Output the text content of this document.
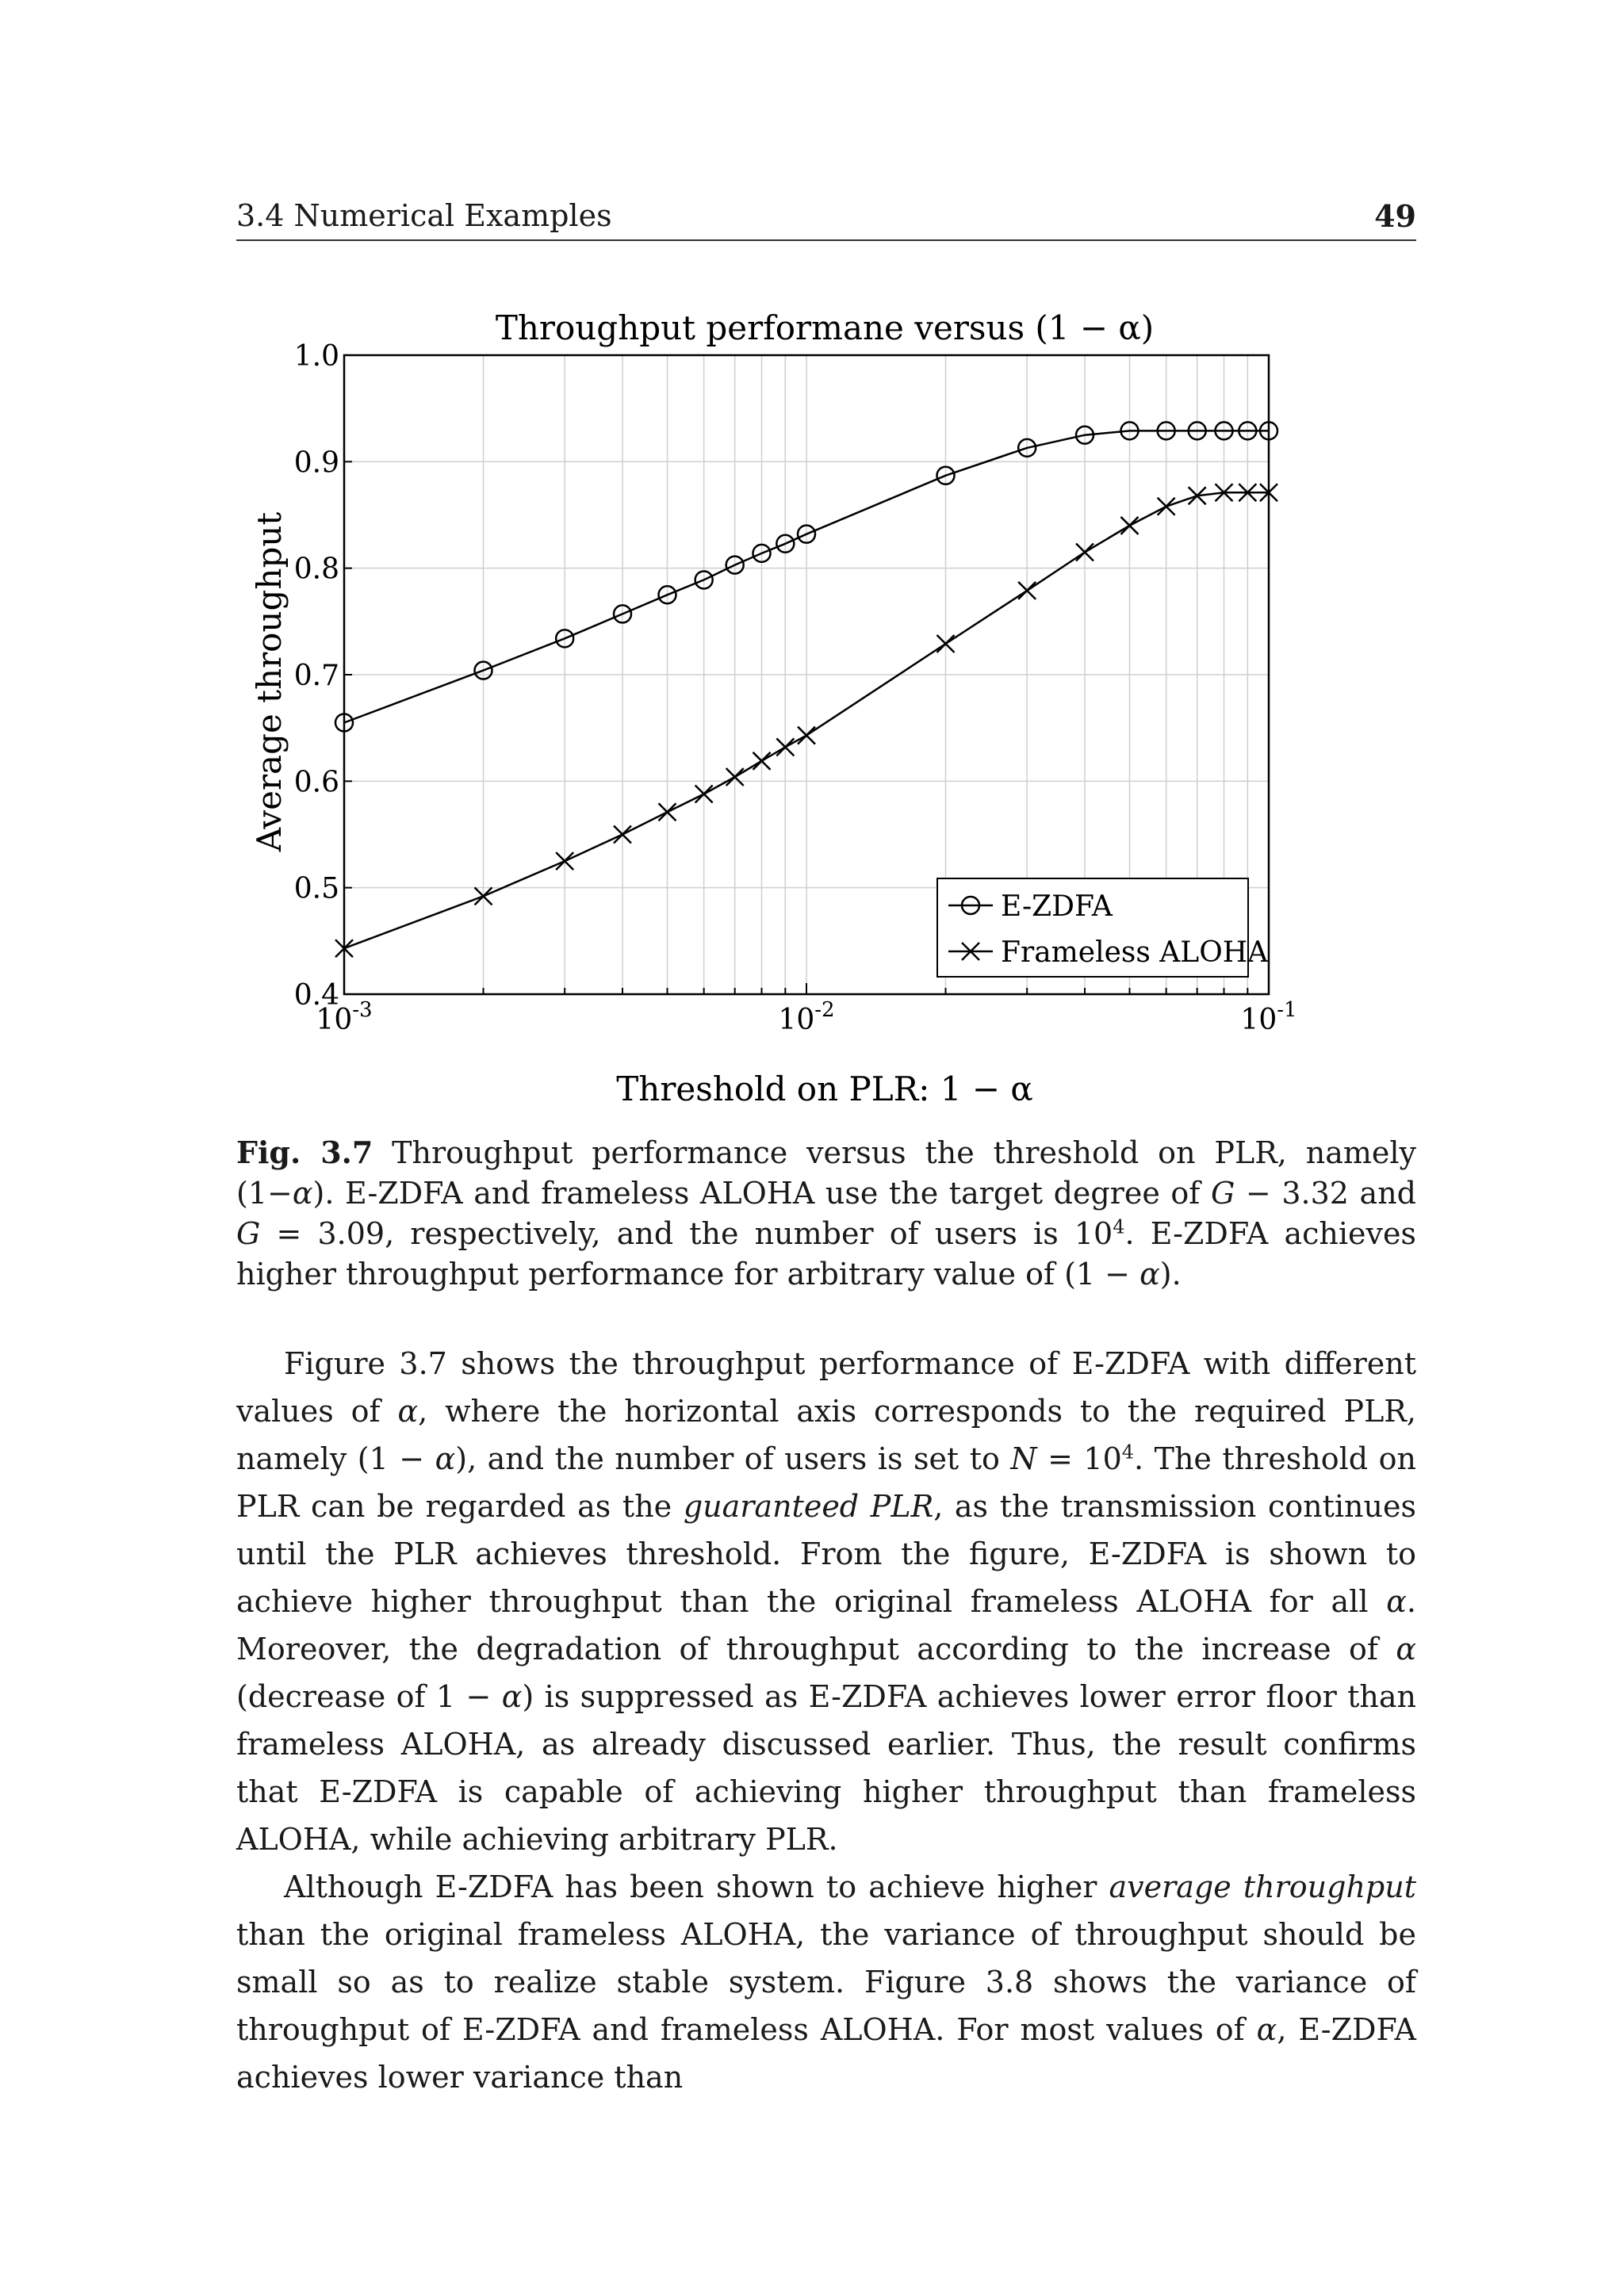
3.4 Numerical Examples	49
Throughput performane versus (1 − α)
0.4
0.5
0.6
0.7
0.8
0.9
1.0
$10^{-3}$	$10^{-2}$	$10^{-1}$
Average throughput
Threshold on PLR: 1 − α
E-ZDFA
Frameless ALOHA
Fig. 3.7 Throughput performance versus the threshold on PLR, namely (1−α). E-ZDFA and frameless ALOHA use the target degree of G − 3.32 and G = 3.09, respectively, and the number of users is $10^4$. E-ZDFA achieves higher throughput performance for arbitrary value of (1 − α).

Figure 3.7 shows the throughput performance of E-ZDFA with different values of α, where the horizontal axis corresponds to the required PLR, namely (1 − α), and the number of users is set to $N = 10^4$. The threshold on PLR can be regarded as the guaranteed PLR, as the transmission continues until the PLR achieves threshold. From the figure, E-ZDFA is shown to achieve higher throughput than the original frameless ALOHA for all α. Moreover, the degradation of throughput according to the increase of α (decrease of 1 − α) is suppressed as E-ZDFA achieves lower error floor than frameless ALOHA, as already discussed earlier. Thus, the result confirms that E-ZDFA is capable of achieving higher throughput than frameless ALOHA, while achieving arbitrary PLR.

Although E-ZDFA has been shown to achieve higher average throughput than the original frameless ALOHA, the variance of throughput should be small so as to realize stable system. Figure 3.8 shows the variance of throughput of E-ZDFA and frameless ALOHA. For most values of α, E-ZDFA achieves lower variance than
